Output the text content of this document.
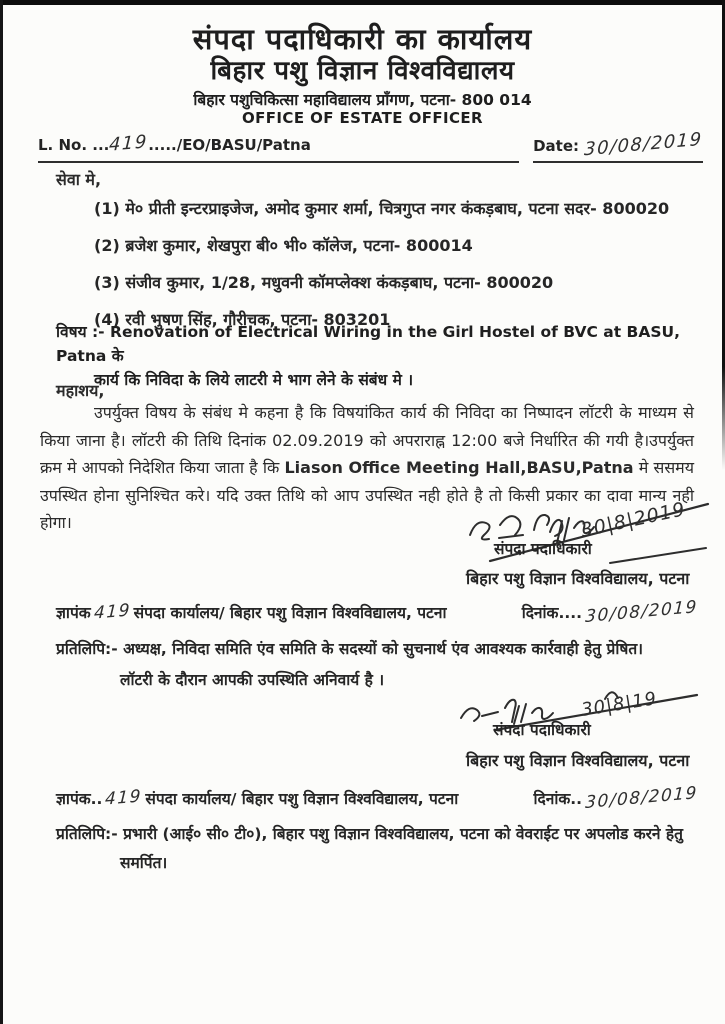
संपदा पदाधिकारी का कार्यालय
बिहार पशु विज्ञान विश्वविद्यालय
बिहार पशुचिकित्सा महाविद्यालय प्राँगण, पटना- 800 014
OFFICE OF ESTATE OFFICER
L. No. ...419...../EO/BASU/Patna	Date: 30/08/2019
सेवा मे,
(1) मे० प्रीती इन्टरप्राइजेज, अमोद कुमार शर्मा, चित्रगुप्त नगर कंकड़बाघ, पटना सदर- 800020
(2) ब्रजेश कुमार, शेखपुरा बी० भी० कॉलेज, पटना- 800014
(3) संजीव कुमार, 1/28, मधुवनी कॉमप्लेक्श कंकड़बाघ, पटना- 800020
(4) रवी भुषण सिंह, गौरीचक, पटना- 803201
विषय :- Renovation of Electrical Wiring in the Girl Hostel of BVC at BASU, Patna के
कार्य कि निविदा के लिये लाटरी मे भाग लेने के संबंध मे ।
महाशय,
उपर्युक्त विषय के संबंध मे कहना है कि विषयांकित कार्य की निविदा का निष्पादन लॉटरी के माध्यम से किया जाना है। लॉटरी की तिथि दिनांक 02.09.2019 को अपराराह्न 12:00 बजे निर्धारित की गयी है।उपर्युक्त क्रम मे आपको निदेशित किया जाता है कि Liason Office Meeting Hall,BASU,Patna मे ससमय उपस्थित होना सुनिश्चित करे। यदि उक्त तिथि को आप उपस्थित नही होते है तो किसी प्रकार का दावा मान्य नही होगा।	30|8|2019
संपदा पदाधिकारी
बिहार पशु विज्ञान विश्वविद्यालय, पटना
ज्ञापंक 419 संपदा कार्यालय/ बिहार पशु विज्ञान विश्वविद्यालय, पटना	दिनांक.... 30/08/2019
प्रतिलिपि:- अध्यक्ष, निविदा समिति एंव समिति के सदस्यों को सुचनार्थ एंव आवश्यक कार्रवाही हेतु प्रेषित।
लॉटरी के दौरान आपकी उपस्थिति अनिवार्य है ।
30|8|19
संपदा पदाधिकारी
बिहार पशु विज्ञान विश्वविद्यालय, पटना
ज्ञापंक.. 419 संपदा कार्यालय/ बिहार पशु विज्ञान विश्वविद्यालय, पटना	दिनांक.. 30/08/2019
प्रतिलिपि:- प्रभारी (आई० सी० टी०), बिहार पशु विज्ञान विश्वविद्यालय, पटना को वेवराईट पर अपलोड करने हेतु
समर्पित।
